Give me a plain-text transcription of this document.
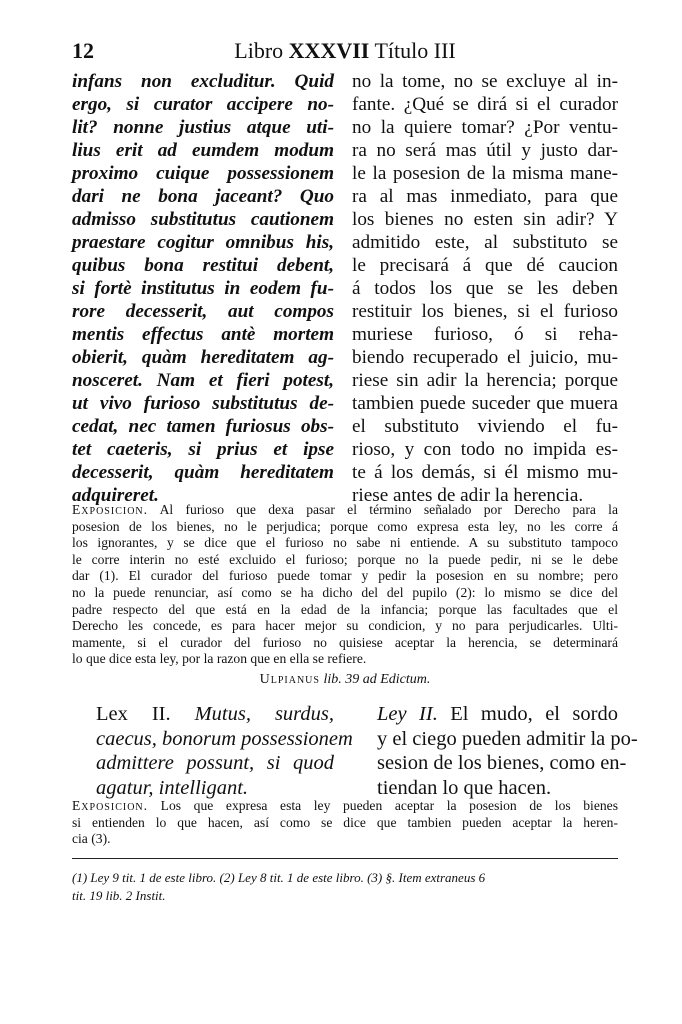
12	Libro XXXVII Título III
infans non excluditur. Quid
ergo, si curator accipere no-
lit? nonne justius atque uti-
lius erit ad eumdem modum
proximo cuique possessionem
dari ne bona jaceant? Quo
admisso substitutus cautionem
praestare cogitur omnibus his,
quibus bona restitui debent,
si fortè institutus in eodem fu-
rore decesserit, aut compos
mentis effectus antè mortem
obierit, quàm hereditatem ag-
nosceret. Nam et fieri potest,
ut vivo furioso substitutus de-
cedat, nec tamen furiosus obs-
tet caeteris, si prius et ipse
decesserit, quàm hereditatem
adquireret.
no la tome, no se excluye al in-
fante. ¿Qué se dirá si el curador
no la quiere tomar? ¿Por ventu-
ra no será mas útil y justo dar-
le la posesion de la misma mane-
ra al mas inmediato, para que
los bienes no esten sin adir? Y
admitido este, al substituto se
le precisará á que dé caucion
á todos los que se les deben
restituir los bienes, si el furioso
muriese furioso, ó si reha-
biendo recuperado el juicio, mu-
riese sin adir la herencia; porque
tambien puede suceder que muera
el substituto viviendo el fu-
rioso, y con todo no impida es-
te á los demás, si él mismo mu-
riese antes de adir la herencia.
Exposicion. Al furioso que dexa pasar el término señalado por Derecho para la
posesion de los bienes, no le perjudica; porque como expresa esta ley, no les corre á
los ignorantes, y se dice que el furioso no sabe ni entiende. A su substituto tampoco
le corre interin no esté excluido el furioso; porque no la puede pedir, ni se le debe
dar (1). El curador del furioso puede tomar y pedir la posesion en su nombre; pero
no la puede renunciar, así como se ha dicho del del pupilo (2): lo mismo se dice del
padre respecto del que está en la edad de la infancia; porque las facultades que el
Derecho les concede, es para hacer mejor su condicion, y no para perjudicarles. Ulti-
mamente, si el curador del furioso no quisiese aceptar la herencia, se determinará
lo que dice esta ley, por la razon que en ella se refiere.
Ulpianus lib. 39 ad Edictum.
Lex II. Mutus, surdus,
caecus, bonorum possessionem
admittere possunt, si quod
agatur, intelligant.
Ley II. El mudo, el sordo
y el ciego pueden admitir la po-
sesion de los bienes, como en-
tiendan lo que hacen.
Exposicion. Los que expresa esta ley pueden aceptar la posesion de los bienes
si entienden lo que hacen, así como se dice que tambien pueden aceptar la heren-
cia (3).
(1) Ley 9 tit. 1 de este libro. (2) Ley 8 tit. 1 de este libro. (3) §. Item extraneus 6
tit. 19 lib. 2 Instit.
